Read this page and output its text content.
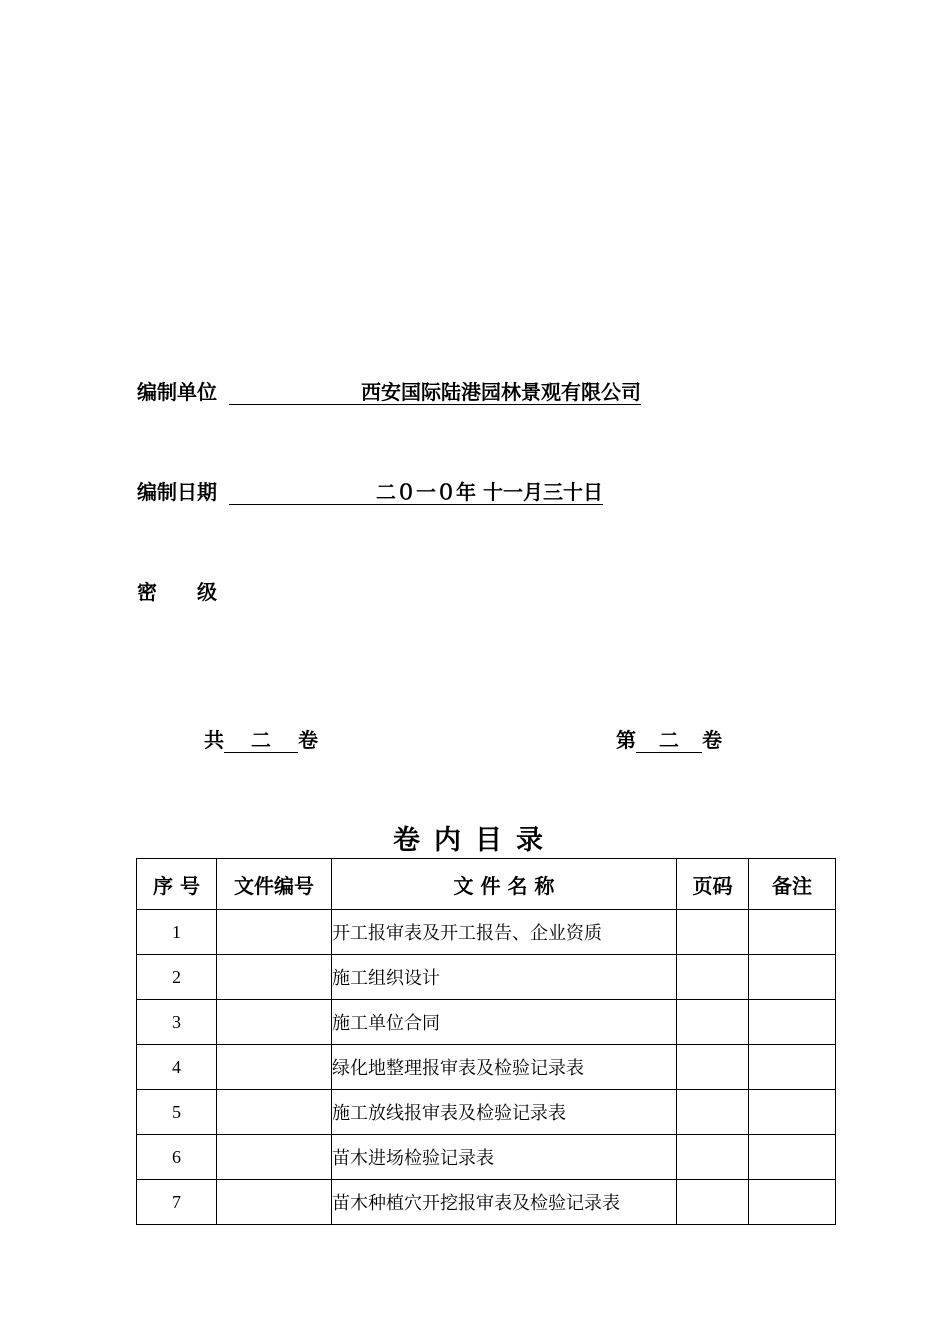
编制单位	西安国际陆港园林景观有限公司
编制日期	二０一０年 十一月三十日
密　　级
共	二	卷	第	二	卷
卷内目录
序 号	文件编号	文 件 名 称	页码	备注
1		开工报审表及开工报告、企业资质		
2		施工组织设计		
3		施工单位合同		
4		绿化地整理报审表及检验记录表		
5		施工放线报审表及检验记录表		
6		苗木进场检验记录表		
7		苗木种植穴开挖报审表及检验记录表		
